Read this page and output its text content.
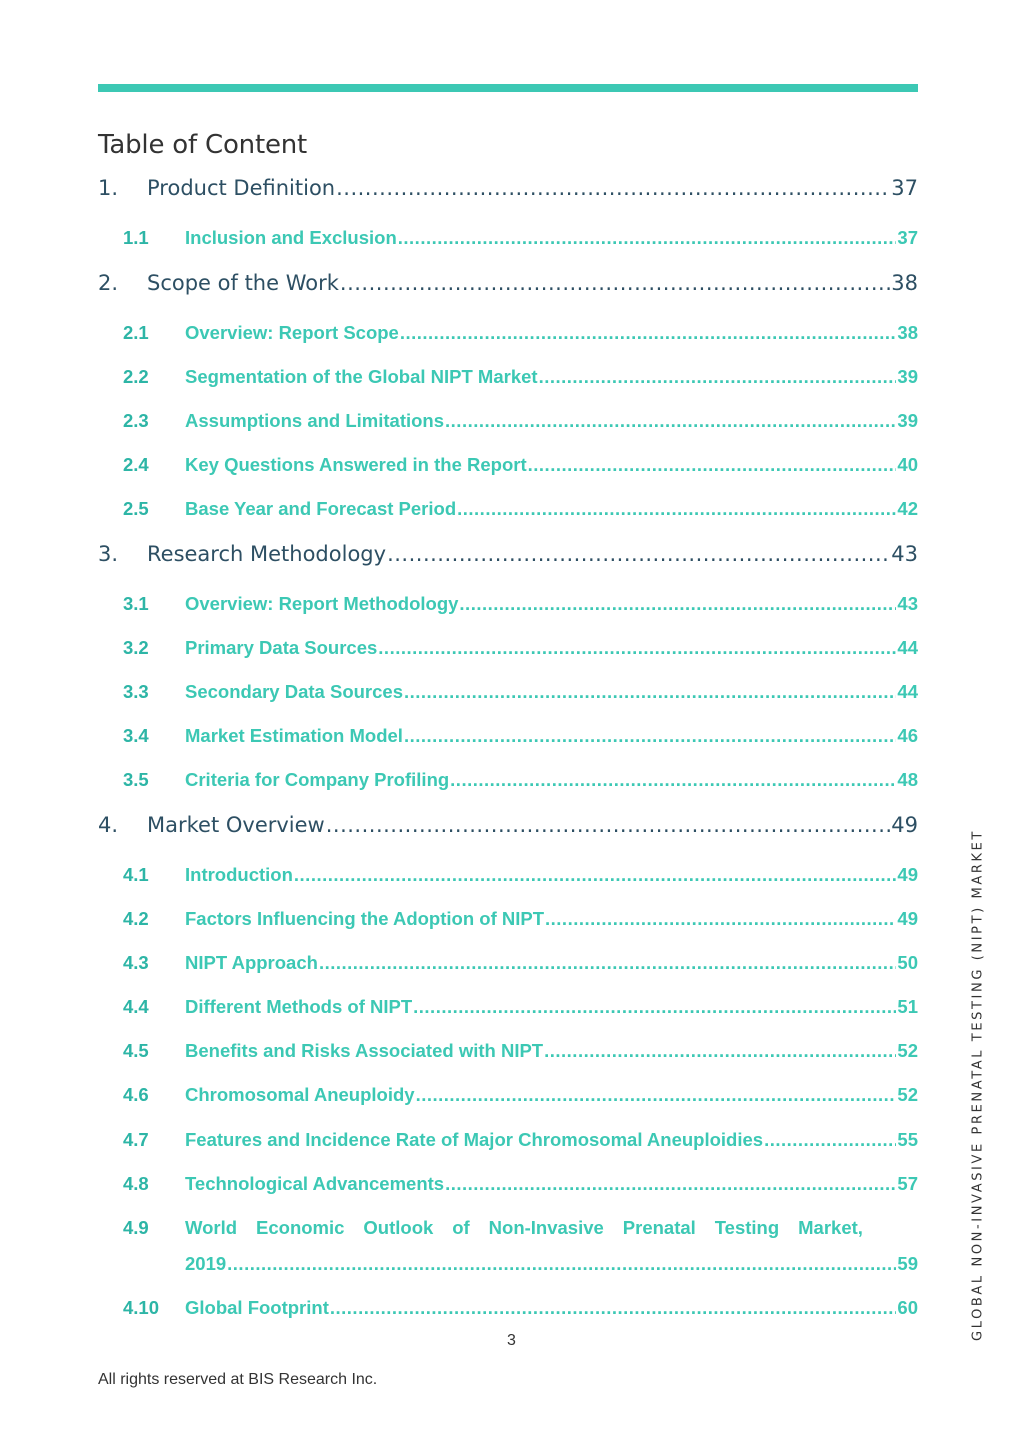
Table of Content
1.	Product Definition .....	37
1.1	Inclusion and Exclusion .....	37
2.	Scope of the Work .....	38
2.1	Overview: Report Scope .....	38
2.2	Segmentation of the Global NIPT Market .....	39
2.3	Assumptions and Limitations .....	39
2.4	Key Questions Answered in the Report .....	40
2.5	Base Year and Forecast Period .....	42
3.	Research Methodology .....	43
3.1	Overview: Report Methodology .....	43
3.2	Primary Data Sources .....	44
3.3	Secondary Data Sources .....	44
3.4	Market Estimation Model .....	46
3.5	Criteria for Company Profiling .....	48
4.	Market Overview .....	49
4.1	Introduction .....	49
4.2	Factors Influencing the Adoption of NIPT .....	49
4.3	NIPT Approach .....	50
4.4	Different Methods of NIPT .....	51
4.5	Benefits and Risks Associated with NIPT .....	52
4.6	Chromosomal Aneuploidy .....	52
4.7	Features and Incidence Rate of Major Chromosomal Aneuploidies .....	55
4.8	Technological Advancements .....	57
4.9 World Economic Outlook of Non-Invasive Prenatal Testing Market,
2019 .....	59
4.10	Global Footprint .....	60
3
All rights reserved at BIS Research Inc.
GLOBAL NON-INVASIVE PRENATAL TESTING (NIPT) MARKET
